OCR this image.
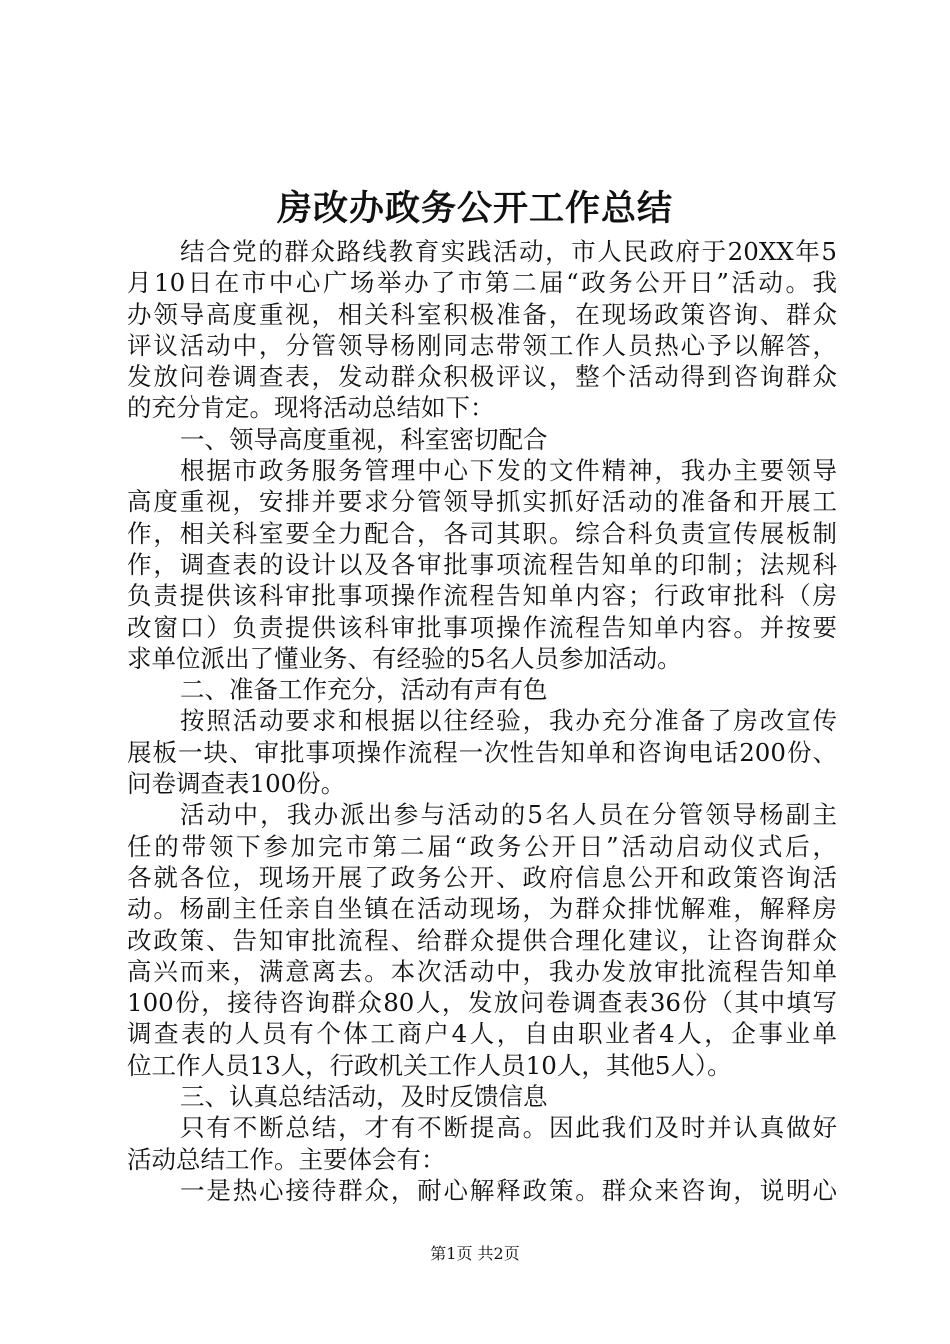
房改办政务公开工作总结
结合党的群众路线教育实践活动，市人民政府于20XX年5
月10日在市中心广场举办了市第二届“政务公开日”活动。我
办领导高度重视，相关科室积极准备，在现场政策咨询、群众
评议活动中，分管领导杨刚同志带领工作人员热心予以解答，
发放问卷调查表，发动群众积极评议，整个活动得到咨询群众
的充分肯定。现将活动总结如下：
一、领导高度重视，科室密切配合
根据市政务服务管理中心下发的文件精神，我办主要领导
高度重视，安排并要求分管领导抓实抓好活动的准备和开展工
作，相关科室要全力配合，各司其职。综合科负责宣传展板制
作，调查表的设计以及各审批事项流程告知单的印制；法规科
负责提供该科审批事项操作流程告知单内容；行政审批科（房
改窗口）负责提供该科审批事项操作流程告知单内容。并按要
求单位派出了懂业务、有经验的5名人员参加活动。
二、准备工作充分，活动有声有色
按照活动要求和根据以往经验，我办充分准备了房改宣传
展板一块、审批事项操作流程一次性告知单和咨询电话200份、
问卷调查表100份。
活动中，我办派出参与活动的5名人员在分管领导杨副主
任的带领下参加完市第二届“政务公开日”活动启动仪式后，
各就各位，现场开展了政务公开、政府信息公开和政策咨询活
动。杨副主任亲自坐镇在活动现场，为群众排忧解难，解释房
改政策、告知审批流程、给群众提供合理化建议，让咨询群众
高兴而来，满意离去。本次活动中，我办发放审批流程告知单
100份，接待咨询群众80人，发放问卷调查表36份（其中填写
调查表的人员有个体工商户4人，自由职业者4人，企事业单
位工作人员13人，行政机关工作人员10人，其他5人）。
三、认真总结活动，及时反馈信息
只有不断总结，才有不断提高。因此我们及时并认真做好
活动总结工作。主要体会有：
一是热心接待群众，耐心解释政策。群众来咨询，说明心
第1页 共2页
